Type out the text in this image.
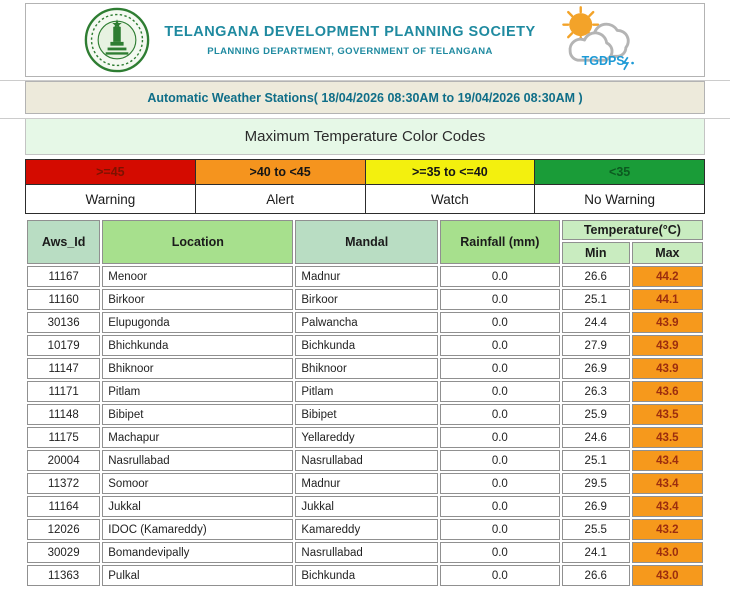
TELANGANA DEVELOPMENT PLANNING SOCIETY
PLANNING DEPARTMENT, GOVERNMENT OF TELANGANA
TGDPS
Automatic Weather Stations( 18/04/2026 08:30AM to 19/04/2026 08:30AM )
Maximum Temperature Color Codes
>=45	>40 to <45	>=35 to <=40	<35
Warning	Alert	Watch	No Warning
Aws_Id	Location	Mandal	Rainfall (mm)	Temperature(°C)	
				Min	Max
11167	Menoor	Madnur	0.0	26.6	44.2
11160	Birkoor	Birkoor	0.0	25.1	44.1
30136	Elupugonda	Palwancha	0.0	24.4	43.9
10179	Bhichkunda	Bichkunda	0.0	27.9	43.9
11147	Bhiknoor	Bhiknoor	0.0	26.9	43.9
11171	Pitlam	Pitlam	0.0	26.3	43.6
11148	Bibipet	Bibipet	0.0	25.9	43.5
11175	Machapur	Yellareddy	0.0	24.6	43.5
20004	Nasrullabad	Nasrullabad	0.0	25.1	43.4
11372	Somoor	Madnur	0.0	29.5	43.4
11164	Jukkal	Jukkal	0.0	26.9	43.4
12026	IDOC (Kamareddy)	Kamareddy	0.0	25.5	43.2
30029	Bomandevipally	Nasrullabad	0.0	24.1	43.0
11363	Pulkal	Bichkunda	0.0	26.6	43.0
